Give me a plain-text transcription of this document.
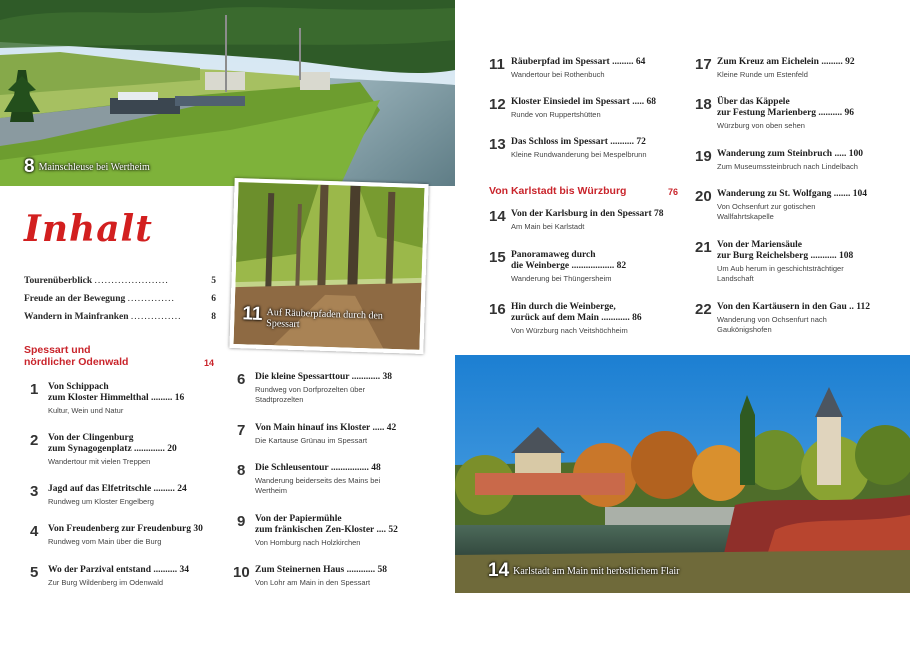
8 Mainschleuse bei Wertheim
11 Auf Räuberpfaden durch den Spessart
14 Karlstadt am Main mit herbstlichem Flair
Inhalt
Tourenüberblick ......................	5
Freude an der Bewegung ..............	6
Wandern in Mainfranken ...............	8
Spessart und
nördlicher Odenwald	14
Von Karlstadt bis Würzburg	76
1 Von Schippach
zum Kloster Himmelthal ......... 16
Kultur, Wein und Natur
2 Von der Clingenburg
zum Synagogenplatz ............. 20
Wandertour mit vielen Treppen
3 Jagd auf das Elfetritschle ......... 24
Rundweg um Kloster Engelberg
4 Von Freudenberg zur Freudenburg 30
Rundweg vom Main über die Burg
5 Wo der Parzival entstand .......... 34
Zur Burg Wildenberg im Odenwald
6 Die kleine Spessarttour ............ 38
Rundweg von Dorfprozelten über
Stadtprozelten
7 Von Main hinauf ins Kloster ..... 42
Die Kartause Grünau im Spessart
8 Die Schleusentour ................ 48
Wanderung beiderseits des Mains bei
Wertheim
9 Von der Papiermühle
zum fränkischen Zen-Kloster .... 52
Von Homburg nach Holzkirchen
10 Zum Steinernen Haus ............ 58
Von Lohr am Main in den Spessart
11 Räuberpfad im Spessart ......... 64
Wandertour bei Rothenbuch
12 Kloster Einsiedel im Spessart ..... 68
Runde von Ruppertshütten
13 Das Schloss im Spessart .......... 72
Kleine Rundwanderung bei Mespelbrunn
14 Von der Karlsburg in den Spessart 78
Am Main bei Karlstadt
15 Panoramaweg durch
die Weinberge .................. 82
Wanderung bei Thüngersheim
16 Hin durch die Weinberge,
zurück auf dem Main ............ 86
Von Würzburg nach Veitshöchheim
17 Zum Kreuz am Eichelein ......... 92
Kleine Runde um Estenfeld
18 Über das Käppele
zur Festung Marienberg .......... 96
Würzburg von oben sehen
19 Wanderung zum Steinbruch ..... 100
Zum Museumssteinbruch nach Lindelbach
20 Wanderung zu St. Wolfgang ....... 104
Von Ochsenfurt zur gotischen
Wallfahrtskapelle
21 Von der Mariensäule
zur Burg Reichelsberg ........... 108
Um Aub herum in geschichtsträchtiger
Landschaft
22 Von den Kartäusern in den Gau .. 112
Wanderung von Ochsenfurt nach
Gaukönigshofen
